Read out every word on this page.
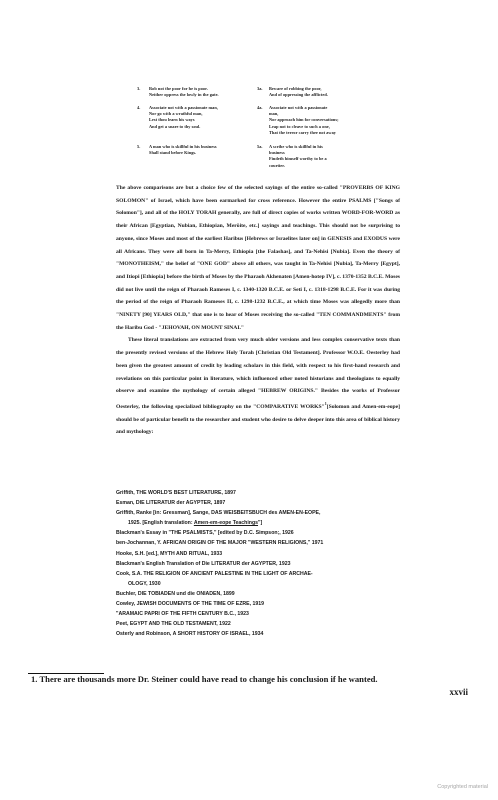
3. Rob not the poor for he is poor.
Neither oppress the lowly in the gate.
3a. Beware of robbing the poor,
And of oppressing the afflicted.
4. Associate not with a passionate man,
Nor go with a wrathful man,
Lest thou learn his ways
And get a snare to thy soul.
4a. Associate not with a passionate
man,
Nor approach him for conversations;
Leap not to cleave to such a one,
That the terror carry thee not away
5. A man who is skillful in his business
Shall stand before Kings.
5a. A scribe who is skillful in his
business
Findeth himself worthy to be a
courtier.

The above comparisons are but a choice few of the selected sayings of the entire so-called "PROVERBS OF KING SOLOMON" of Israel, which have been earmarked for cross reference. However the entire PSALMS ["Songs of Solomon"], and all of the HOLY TORAH generally, are full of direct copies of works written WORD-FOR-WORD as their African [Egyptian, Nubian, Ethiopian, Meröite, etc.] sayings and teachings. This should not be surprising to anyone, since Moses and most of the earliest Haribus [Hebrews or Israelites later on] in GENESIS and EXODUS were all Africans. They were all born in Ta-Merry, Ethiopia [the Falashas], and Ta-Nehisi [Nubia]. Even the theory of "MONOTHEISM," the belief of "ONE GOD" above all others, was taught in Ta-Nehisi [Nubia], Ta-Merry [Egypt], and Itiopi [Ethiopia] before the birth of Moses by the Pharaoh Akhenaten [Amen-hotep IV], c. 1370-1352 B.C.E. Moses did not live until the reign of Pharaoh Rameses I, c. 1340-1320 B.C.E. or Seti I, c. 1318-1298 B.C.E. For it was during the period of the reign of Pharaoh Rameses II, c. 1298-1232 B.C.E., at which time Moses was allegedly more than "NINETY [90] YEARS OLD," that one is to hear of Moses receiving the so-called "TEN COMMANDMENTS" from the Haribu God - "JEHOVAH, ON MOUNT SINAI."

These literal translations are extracted from very much older versions and less complex conservative texts than the presently revised versions of the Hebrew Holy Torah [Christian Old Testament]. Professor W.O.E. Oesterley had been given the greatest amount of credit by leading scholars in this field, with respect to his first-hand research and revelations on this particular point in literature, which influenced other noted historians and theologians to equally observe and examine the mythology of certain alleged "HEBREW ORIGINS." Besides the works of Professor Oesterley, the following specialized bibliography on the "COMPARATIVE WORKS"$^1$[Solomon and Amen-em-eope] should be of particular benefit to the researcher and student who desire to delve deeper into this area of biblical history and mythology:

Griffith, THE WORLD'S BEST LITERATURE, 1897
Esman, DIE LITERATUR der AGYPTER, 1897
Griffith, Ranke [in: Gressman], Sange, DAS WEISBEITSBUCH des AMEN-EN-EOPE,
1925. [English translation: Amen-em-eope Teachings"]
Blackman's Essay in "THE PSALMISTS," [edited by D.C. Simpson;, 1926
ben-Jochannan, Y. AFRICAN ORIGIN OF THE MAJOR "WESTERN RELIGIONS," 1971
Hooke, S.H. [ed.], MYTH AND RITUAL, 1933
Blackman's English Translation of Die LITERATUR der AGYPTER, 1923
Cook, S.A. THE RELIGION OF ANCIENT PALESTINE IN THE LIGHT OF ARCHAE-
OLOGY, 1930
Buchler, DIE TOBIADEN und die ONIADEN, 1899
Cowley, JEWISH DOCUMENTS OF THE TIME OF EZRE, 1919
"ARAMAIC PAPRI OF THE FIFTH CENTURY B.C., 1923
Peet, EGYPT AND THE OLD TESTAMENT, 1922
Osterly and Robinson, A SHORT HISTORY OF ISRAEL, 1934
1. There are thousands more Dr. Steiner could have read to change his conclusion if he wanted.
xxvii
Copyrighted material
